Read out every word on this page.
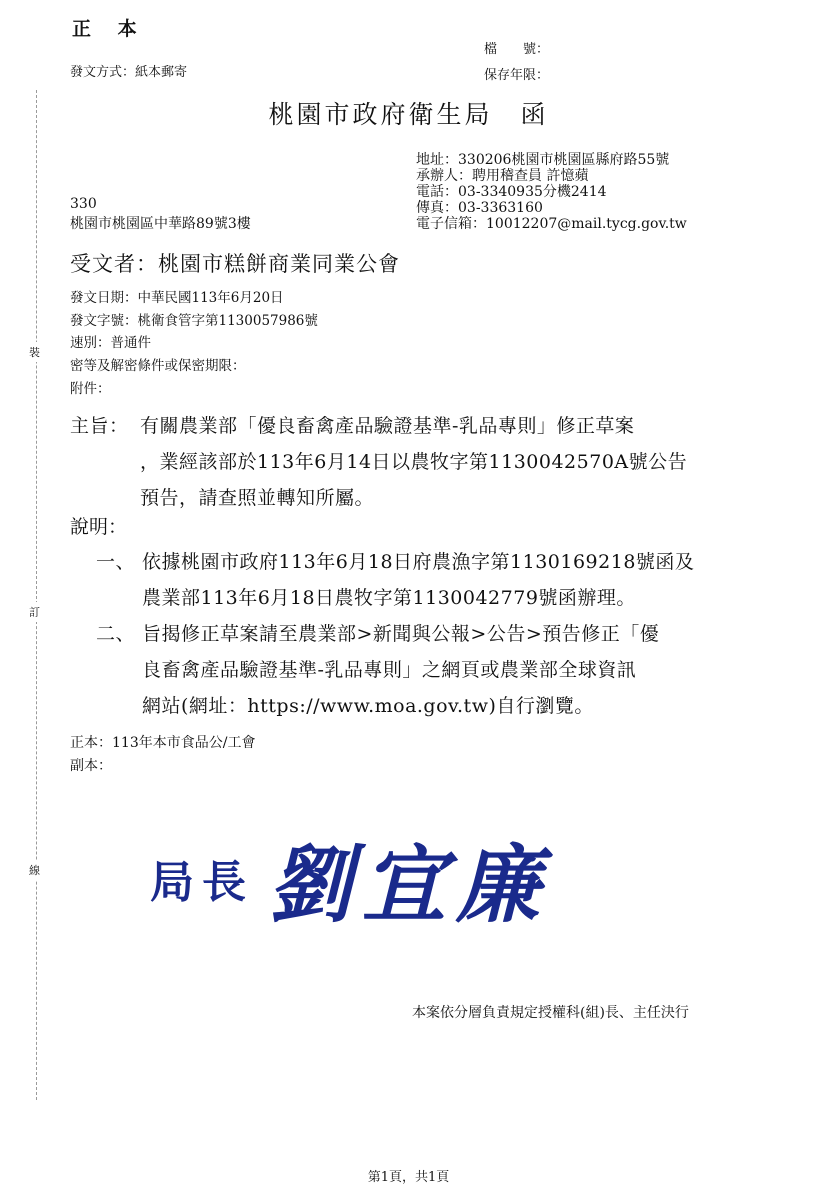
裝
訂
線
正 本
發文方式：紙本郵寄
檔　　號：
保存年限：
桃園市政府衛生局　函
地址：330206桃園市桃園區縣府路55號
承辦人：聘用稽查員 許憶蘋
電話：03-3340935分機2414
傳真：03-3363160
電子信箱：10012207@mail.tycg.gov.tw
330
桃園市桃園區中華路89號3樓
受文者：桃園市糕餅商業同業公會
發文日期：中華民國113年6月20日
發文字號：桃衛食管字第1130057986號
速別：普通件
密等及解密條件或保密期限：
附件：
主旨： 有關農業部「優良畜禽產品驗證基準-乳品專則」修正草案
，業經該部於113年6月14日以農牧字第1130042570A號公告
預告，請查照並轉知所屬。
說明：
一、 依據桃園市政府113年6月18日府農漁字第1130169218號函及
農業部113年6月18日農牧字第1130042779號函辦理。
二、 旨揭修正草案請至農業部>新聞與公報>公告>預告修正「優
良畜禽產品驗證基準-乳品專則」之網頁或農業部全球資訊
網站(網址：https://www.moa.gov.tw)自行瀏覽。
正本：113年本市食品公/工會
副本：
局長 劉宜廉
本案依分層負責規定授權科(組)長、主任決行
第1頁，共1頁
